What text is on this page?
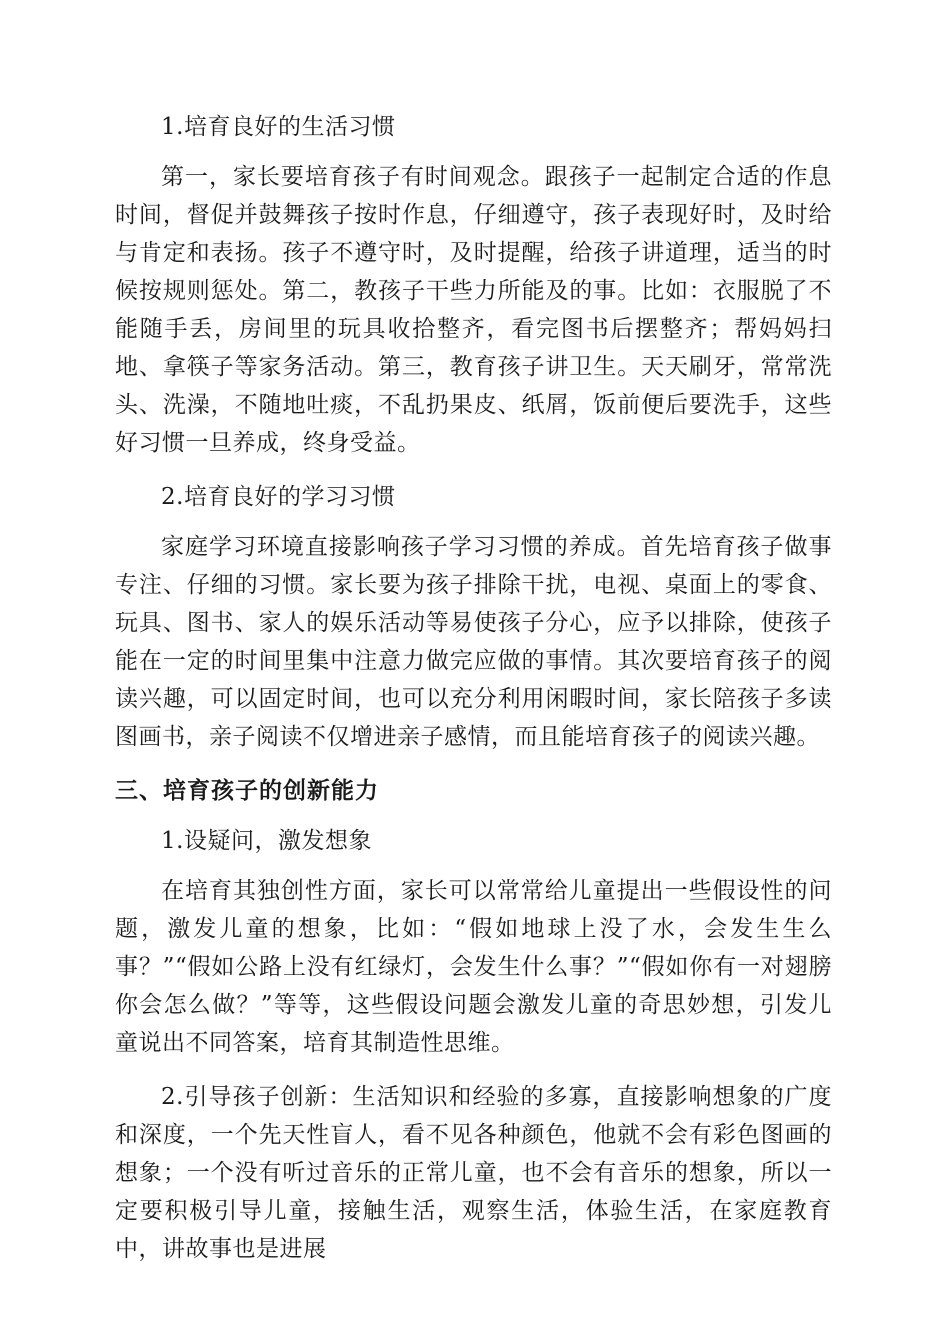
1.培育良好的生活习惯

第一，家长要培育孩子有时间观念。跟孩子一起制定合适的作息时间，督促并鼓舞孩子按时作息，仔细遵守，孩子表现好时，及时给与肯定和表扬。孩子不遵守时，及时提醒，给孩子讲道理，适当的时候按规则惩处。第二，教孩子干些力所能及的事。比如：衣服脱了不能随手丢，房间里的玩具收拾整齐，看完图书后摆整齐；帮妈妈扫地、拿筷子等家务活动。第三，教育孩子讲卫生。天天刷牙，常常洗头、洗澡，不随地吐痰，不乱扔果皮、纸屑，饭前便后要洗手，这些好习惯一旦养成，终身受益。

2.培育良好的学习习惯

家庭学习环境直接影响孩子学习习惯的养成。首先培育孩子做事专注、仔细的习惯。家长要为孩子排除干扰，电视、桌面上的零食、玩具、图书、家人的娱乐活动等易使孩子分心，应予以排除，使孩子能在一定的时间里集中注意力做完应做的事情。其次要培育孩子的阅读兴趣，可以固定时间，也可以充分利用闲暇时间，家长陪孩子多读图画书，亲子阅读不仅增进亲子感情，而且能培育孩子的阅读兴趣。

三、培育孩子的创新能力

1.设疑问，激发想象

在培育其独创性方面，家长可以常常给儿童提出一些假设性的问题，激发儿童的想象，比如：“假如地球上没了水，会发生生么事？”“假如公路上没有红绿灯，会发生什么事？”“假如你有一对翅膀你会怎么做？”等等，这些假设问题会激发儿童的奇思妙想，引发儿童说出不同答案，培育其制造性思维。

2.引导孩子创新：生活知识和经验的多寡，直接影响想象的广度和深度，一个先天性盲人，看不见各种颜色，他就不会有彩色图画的想象；一个没有听过音乐的正常儿童，也不会有音乐的想象，所以一定要积极引导儿童，接触生活，观察生活，体验生活，在家庭教育中，讲故事也是进展
